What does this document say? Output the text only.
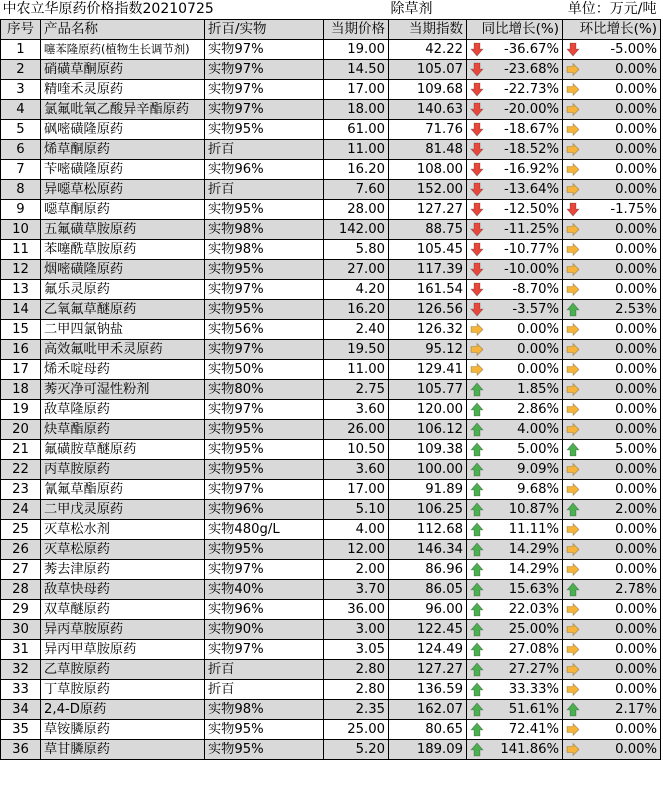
中农立华原药价格指数20210725				除草剂	单位：万元/吨	
序号	产品名称	折百/实物	当期价格	当期指数	同比增长(%)	环比增长(%)
1	噻苯隆原药(植物生长调节剂)	实物97%	19.00	42.22	-36.67%	-5.00%
2	硝磺草酮原药	实物97%	14.50	105.07	-23.68%	0.00%
3	精喹禾灵原药	实物97%	17.00	109.68	-22.73%	0.00%
4	氯氟吡氧乙酸异辛酯原药	实物97%	18.00	140.63	-20.00%	0.00%
5	砜嘧磺隆原药	实物95%	61.00	71.76	-18.67%	0.00%
6	烯草酮原药	折百	11.00	81.48	-18.52%	0.00%
7	苄嘧磺隆原药	实物96%	16.20	108.00	-16.92%	0.00%
8	异噁草松原药	折百	7.60	152.00	-13.64%	0.00%
9	噁草酮原药	实物95%	28.00	127.27	-12.50%	-1.75%
10	五氟磺草胺原药	实物98%	142.00	88.75	-11.25%	0.00%
11	苯噻酰草胺原药	实物98%	5.80	105.45	-10.77%	0.00%
12	烟嘧磺隆原药	实物95%	27.00	117.39	-10.00%	0.00%
13	氟乐灵原药	实物97%	4.20	161.54	-8.70%	0.00%
14	乙氧氟草醚原药	实物95%	16.20	126.56	-3.57%	2.53%
15	二甲四氯钠盐	实物56%	2.40	126.32	0.00%	0.00%
16	高效氟吡甲禾灵原药	实物97%	19.50	95.12	0.00%	0.00%
17	烯禾啶母药	实物50%	11.00	129.41	0.00%	0.00%
18	莠灭净可湿性粉剂	实物80%	2.75	105.77	1.85%	0.00%
19	敌草隆原药	实物97%	3.60	120.00	2.86%	0.00%
20	炔草酯原药	实物95%	26.00	106.12	4.00%	0.00%
21	氟磺胺草醚原药	实物95%	10.50	109.38	5.00%	5.00%
22	丙草胺原药	实物95%	3.60	100.00	9.09%	0.00%
23	氰氟草酯原药	实物97%	17.00	91.89	9.68%	0.00%
24	二甲戊灵原药	实物96%	5.10	106.25	10.87%	2.00%
25	灭草松水剂	实物480g/L	4.00	112.68	11.11%	0.00%
26	灭草松原药	实物95%	12.00	146.34	14.29%	0.00%
27	莠去津原药	实物97%	2.00	86.96	14.29%	0.00%
28	敌草快母药	实物40%	3.70	86.05	15.63%	2.78%
29	双草醚原药	实物96%	36.00	96.00	22.03%	0.00%
30	异丙草胺原药	实物90%	3.00	122.45	25.00%	0.00%
31	异丙甲草胺原药	实物97%	3.05	124.49	27.08%	0.00%
32	乙草胺原药	折百	2.80	127.27	27.27%	0.00%
33	丁草胺原药	折百	2.80	136.59	33.33%	0.00%
34	2,4-D原药	实物98%	2.35	162.07	51.61%	2.17%
35	草铵膦原药	实物95%	25.00	80.65	72.41%	0.00%
36	草甘膦原药	实物95%	5.20	189.09	141.86%	0.00%
